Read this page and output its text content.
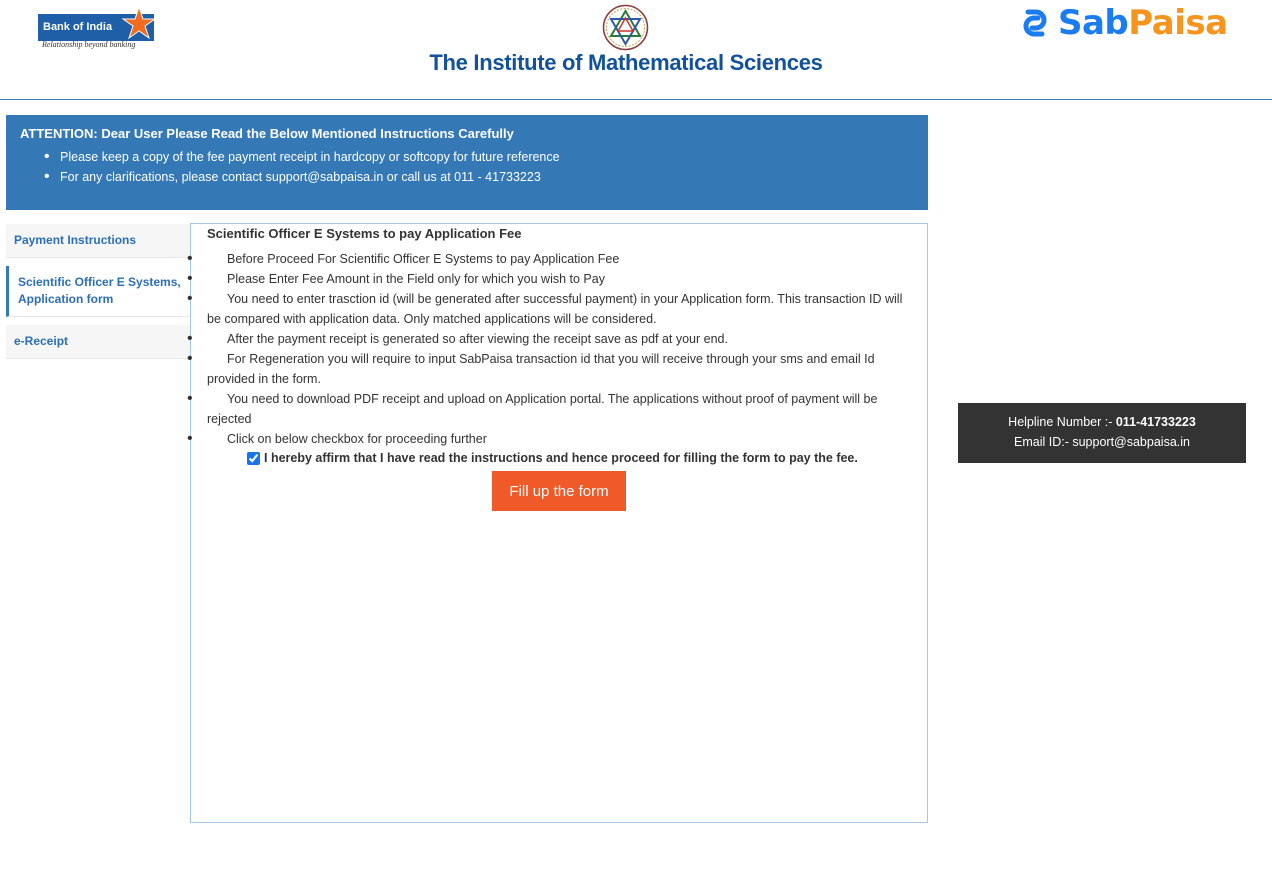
Bank of India
Relationship beyond banking
The Institute of Mathematical Sciences
SabPaisa
ATTENTION: Dear User Please Read the Below Mentioned Instructions Carefully
• Please keep a copy of the fee payment receipt in hardcopy or softcopy for future reference
• For any clarifications, please contact support@sabpaisa.in or call us at 011 - 41733223
Payment Instructions
Scientific Officer E Systems, Application form
e-Receipt
Scientific Officer E Systems to pay Application Fee
• Before Proceed For Scientific Officer E Systems to pay Application Fee
• Please Enter Fee Amount in the Field only for which you wish to Pay
• You need to enter trasction id (will be generated after successful payment) in your Application form. This transaction ID will be compared with application data. Only matched applications will be considered.
• After the payment receipt is generated so after viewing the receipt save as pdf at your end.
• For Regeneration you will require to input SabPaisa transaction id that you will receive through your sms and email Id provided in the form.
• You need to download PDF receipt and upload on Application portal. The applications without proof of payment will be rejected
• Click on below checkbox for proceeding further
I hereby affirm that I have read the instructions and hence proceed for filling the form to pay the fee.
Fill up the form
Helpline Number :- 011-41733223
Email ID:- support@sabpaisa.in
